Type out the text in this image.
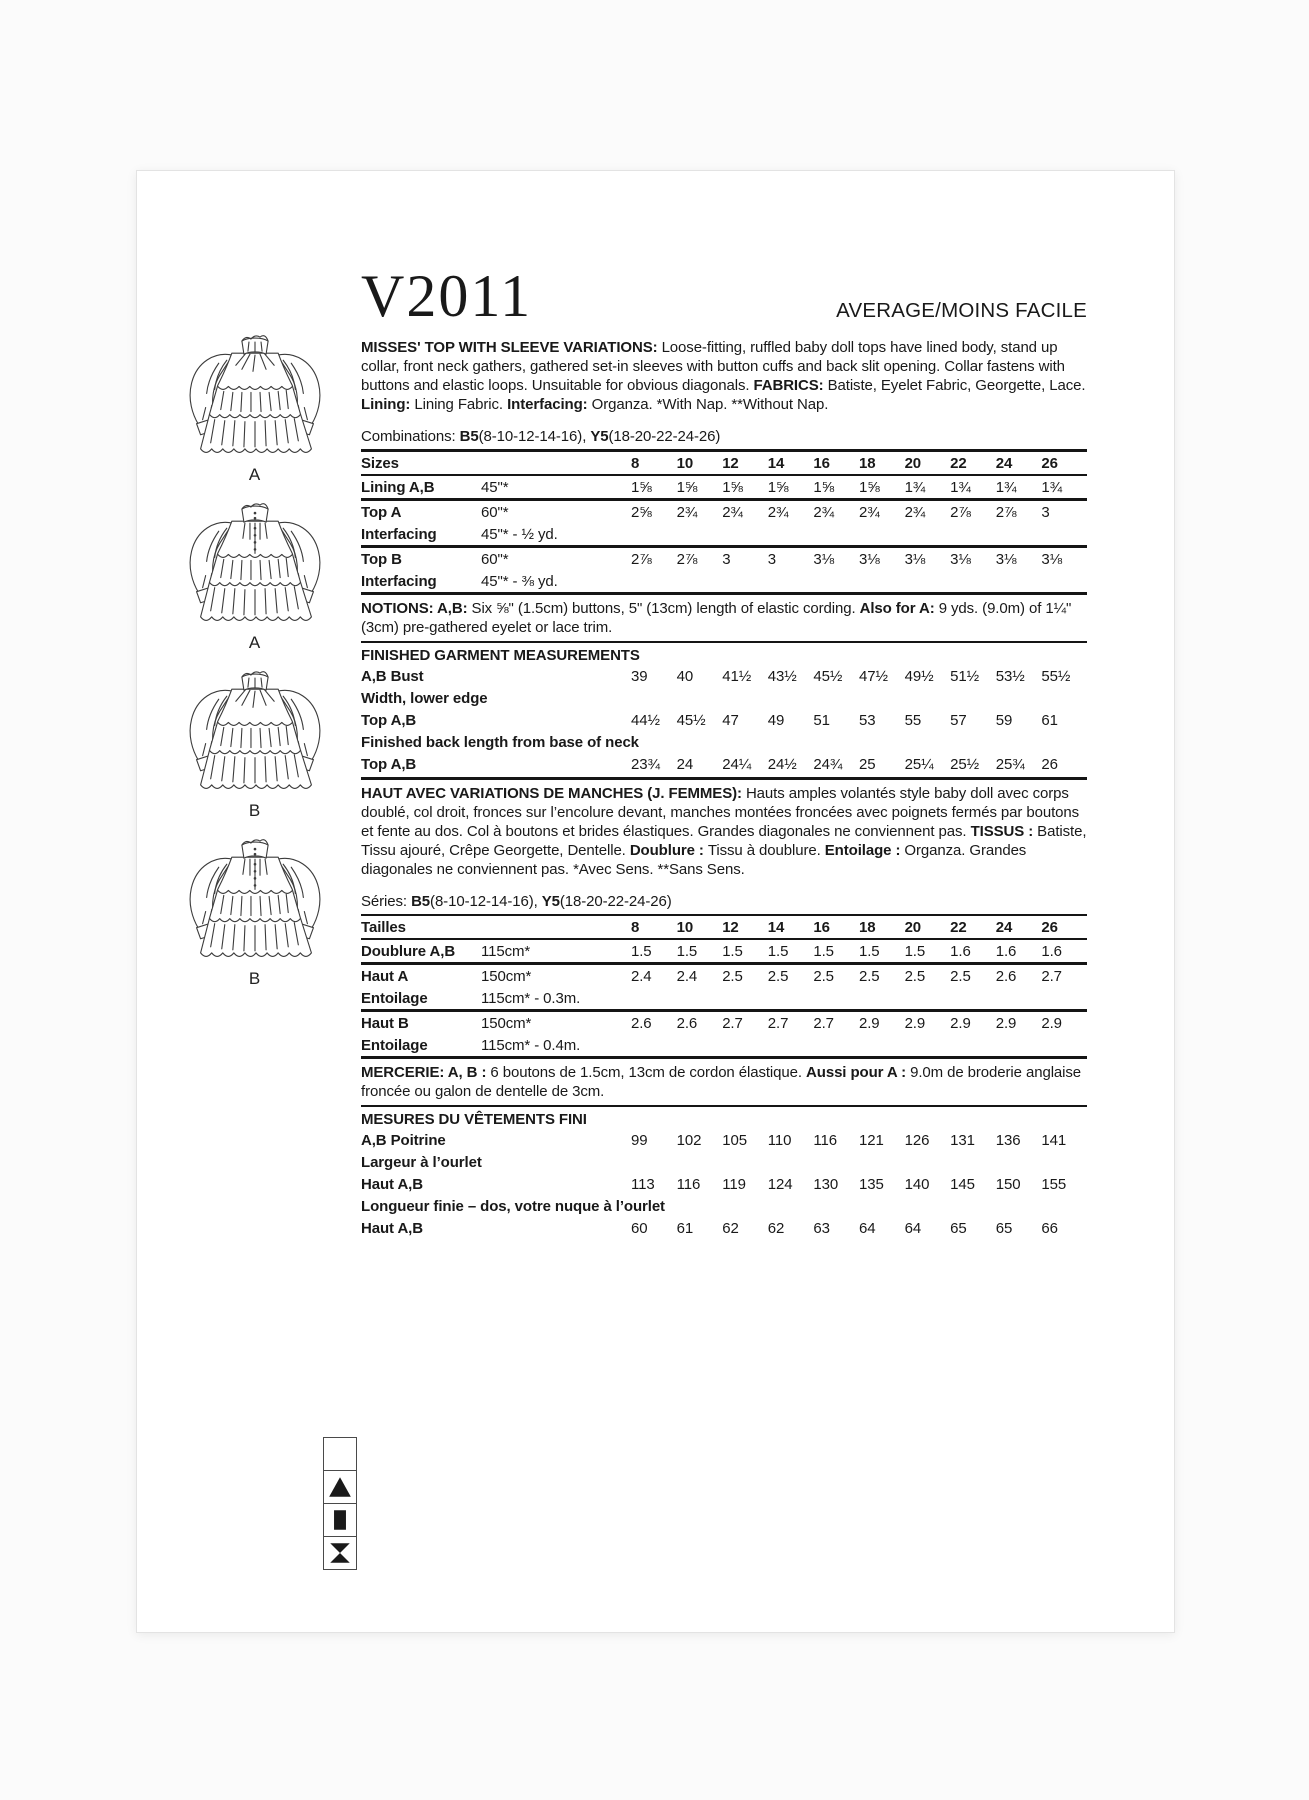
A
A
B
B
V2011	AVERAGE/MOINS FACILE

MISSES' TOP WITH SLEEVE VARIATIONS: Loose-fitting, ruffled baby doll tops have lined body, stand up collar, front neck gathers, gathered set-in sleeves with button cuffs and back slit opening. Collar fastens with buttons and elastic loops. Unsuitable for obvious diagonals. FABRICS: Batiste, Eyelet Fabric, Georgette, Lace. Lining: Lining Fabric. Interfacing: Organza. *With Nap. **Without Nap.

Combinations: B5(8-10-12-14-16), Y5(18-20-22-24-26)

Sizes		8	10	12	14	16	18	20	22	24	26
Lining A,B	45"*	1⅝	1⅝	1⅝	1⅝	1⅝	1⅝	1¾	1¾	1¾	1¾
Top A	60"*	2⅝	2¾	2¾	2¾	2¾	2¾	2¾	2⅞	2⅞	3
Interfacing	45"* - ½ yd.										
Top B	60"*	2⅞	2⅞	3	3	3⅛	3⅛	3⅛	3⅛	3⅛	3⅛
Interfacing	45"* - ⅜ yd.										

NOTIONS: A,B: Six ⅝" (1.5cm) buttons, 5" (13cm) length of elastic cording. Also for A: 9 yds. (9.0m) of 1¼" (3cm) pre-gathered eyelet or lace trim.

FINISHED GARMENT MEASUREMENTS
A,B Bust	39	40	41½	43½	45½	47½	49½	51½	53½	55½
Width, lower edge										
Top A,B	44½	45½	47	49	51	53	55	57	59	61
Finished back length from base of neck										
Top A,B	23¾	24	24¼	24½	24¾	25	25¼	25½	25¾	26

HAUT AVEC VARIATIONS DE MANCHES (J. FEMMES): Hauts amples volantés style baby doll avec corps doublé, col droit, fronces sur l’encolure devant, manches montées froncées avec poignets fermés par boutons et fente au dos. Col à boutons et brides élastiques. Grandes diagonales ne conviennent pas. TISSUS : Batiste, Tissu ajouré, Crêpe Georgette, Dentelle. Doublure : Tissu à doublure. Entoilage : Organza. Grandes diagonales ne conviennent pas. *Avec Sens. **Sans Sens.

Séries: B5(8-10-12-14-16), Y5(18-20-22-24-26)

Tailles		8	10	12	14	16	18	20	22	24	26
Doublure A,B	115cm*	1.5	1.5	1.5	1.5	1.5	1.5	1.5	1.6	1.6	1.6
Haut A	150cm*	2.4	2.4	2.5	2.5	2.5	2.5	2.5	2.5	2.6	2.7
Entoilage	115cm* - 0.3m.										
Haut B	150cm*	2.6	2.6	2.7	2.7	2.7	2.9	2.9	2.9	2.9	2.9
Entoilage	115cm* - 0.4m.										

MERCERIE: A, B : 6 boutons de 1.5cm, 13cm de cordon élastique. Aussi pour A : 9.0m de broderie anglaise froncée ou galon de dentelle de 3cm.

MESURES DU VÊTEMENTS FINI
A,B Poitrine	99	102	105	110	116	121	126	131	136	141
Largeur à l’ourlet										
Haut A,B	113	116	119	124	130	135	140	145	150	155
Longueur finie – dos, votre nuque à l’ourlet										
Haut A,B	60	61	62	62	63	64	64	65	65	66
